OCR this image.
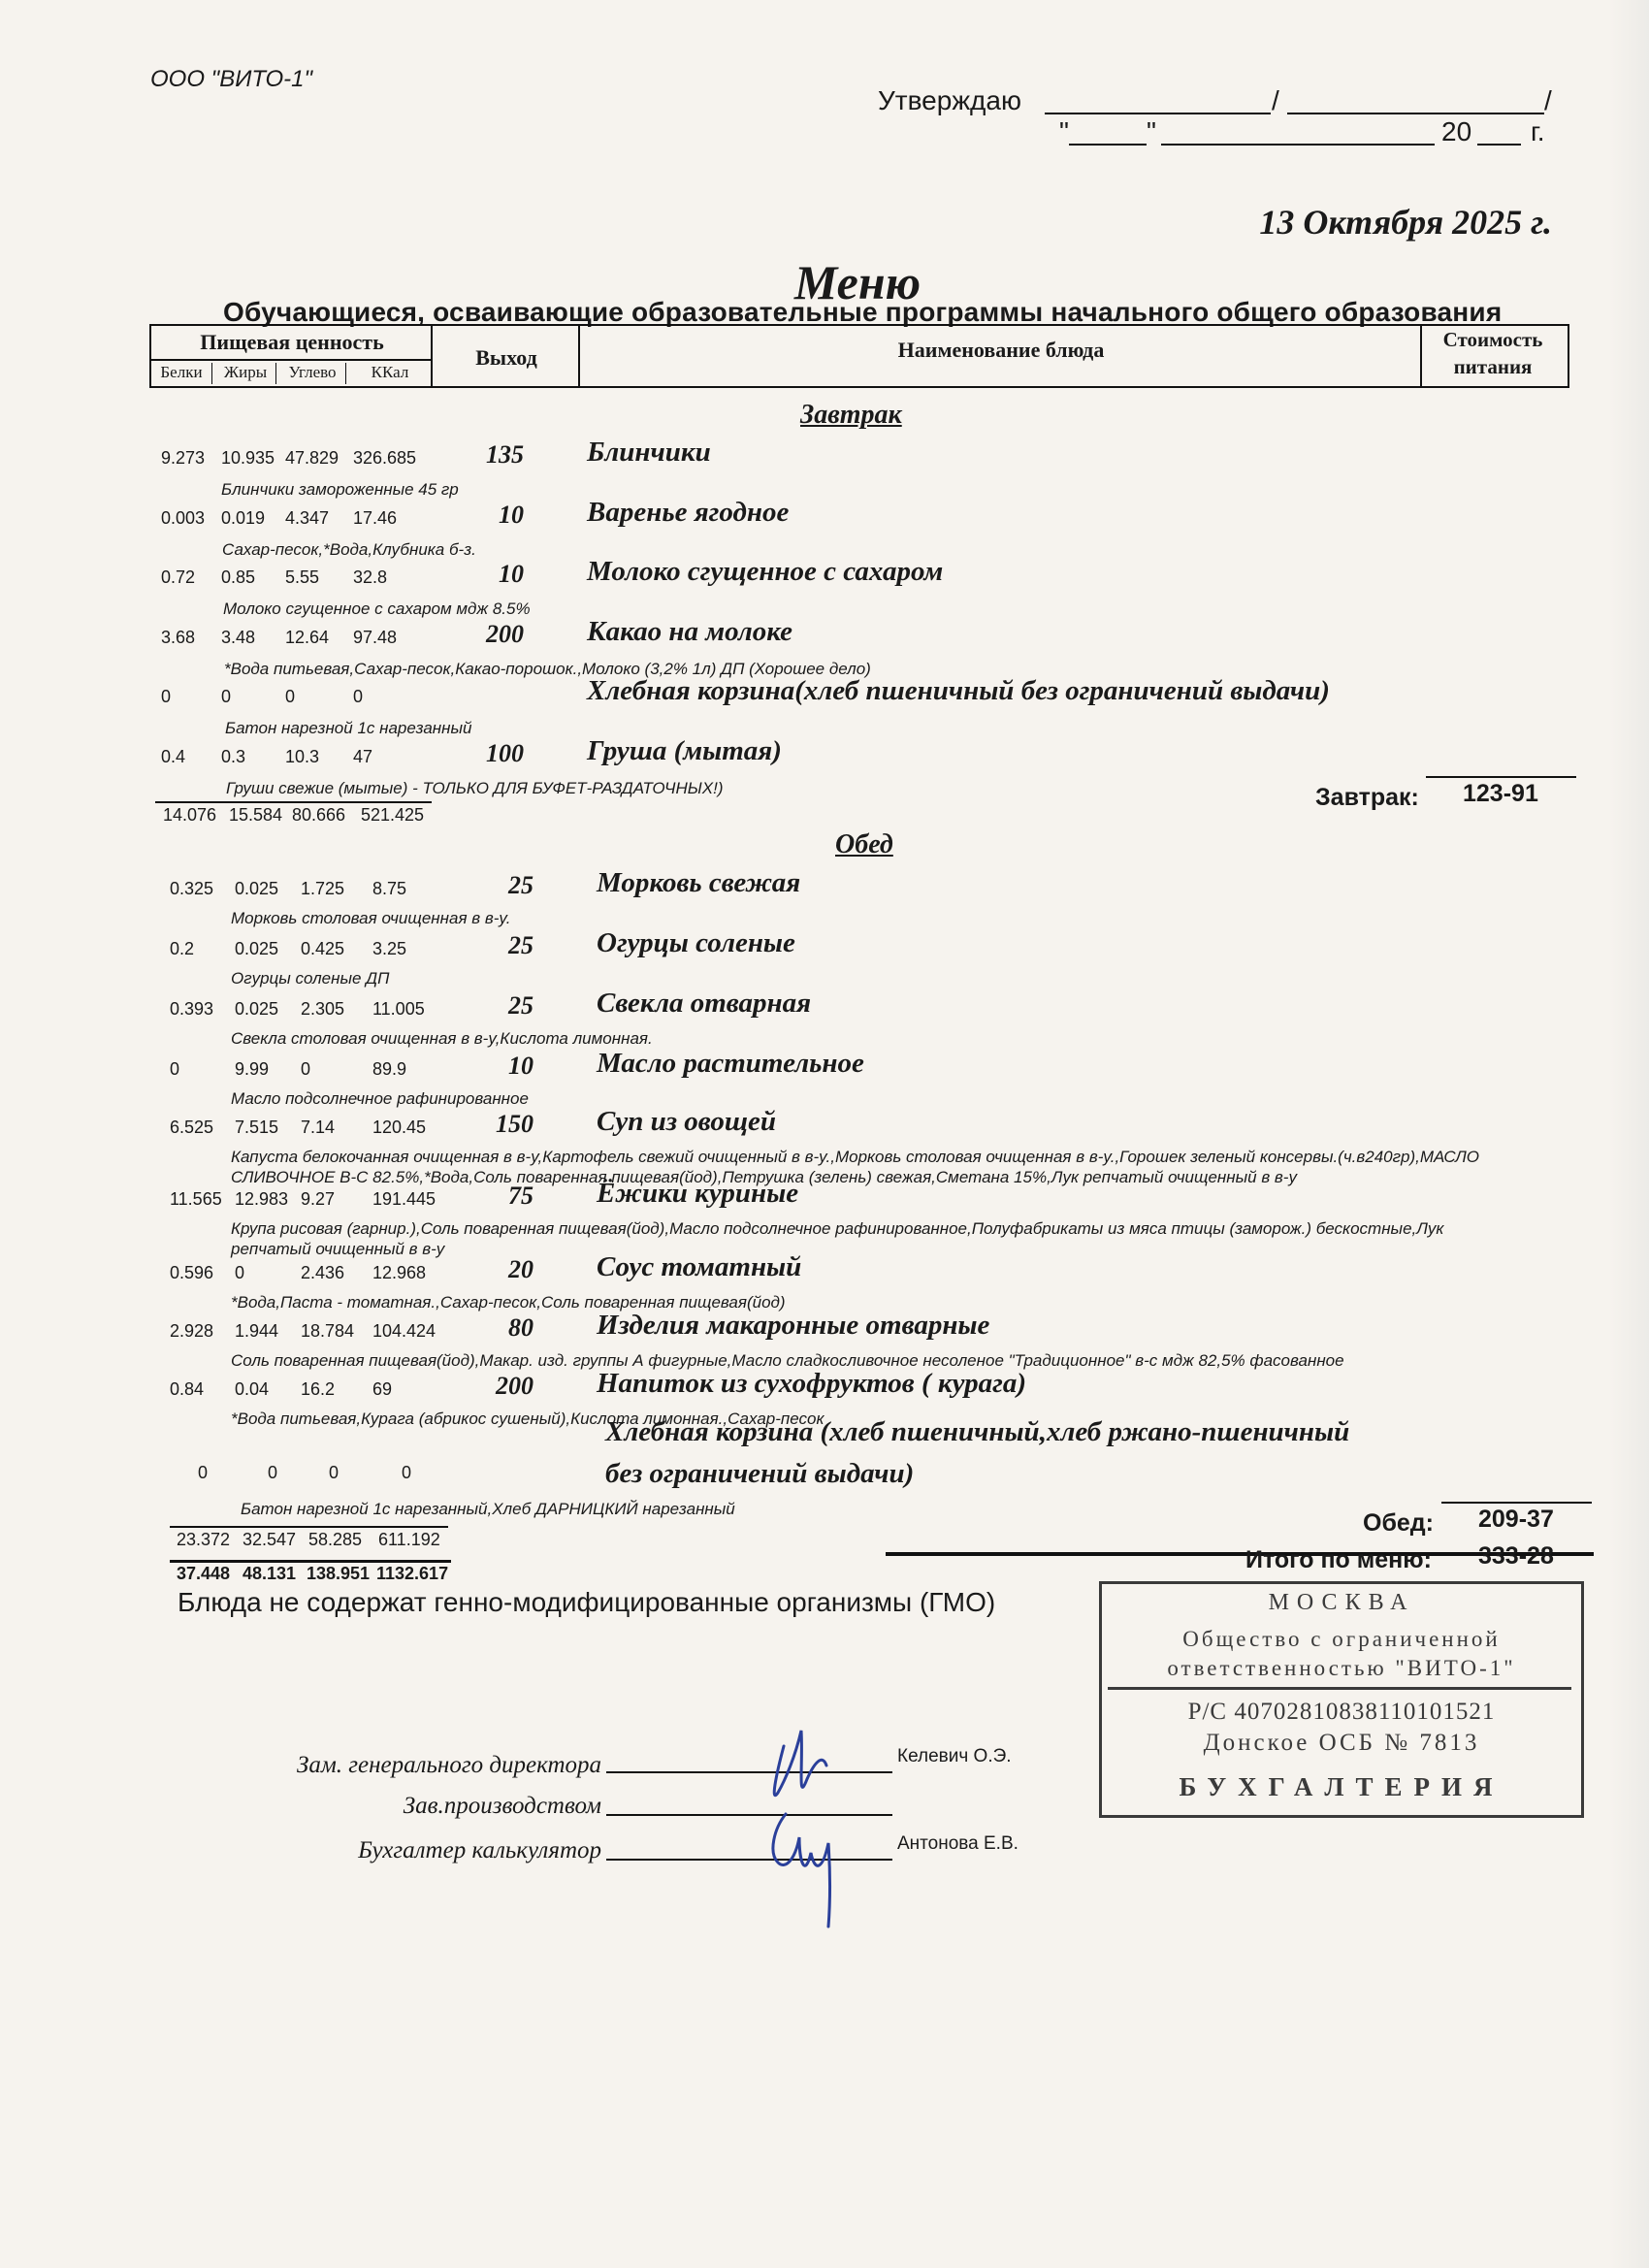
ООО "ВИТО-1"
Утверждаю	/	/
"	"	20 г.
13 Октября 2025 г.
Меню
Обучающиеся, осваивающие образовательные программы начального общего образования
Пищевая ценность
Белки	Жиры	Углево	ККал
Выход	Наименование блюда	Стоимость
питания
Завтрак
9.273 10.935 47.829 326.685	135 Блинчики
Блинчики замороженные 45 гр
0.003 0.019 4.347 17.46	10 Варенье ягодное
Сахар-песок,*Вода,Клубника б-з.
0.72 0.85 5.55 32.8	10 Молоко сгущенное с сахаром
Молоко сгущенное с сахаром мдж 8.5%
3.68 3.48 12.64 97.48	200 Какао на молоке
*Вода питьевая,Сахар-песок,Какао-порошок.,Молоко (3,2% 1л) ДП (Хорошее дело)
0	0	0	0	Хлебная корзина(хлеб пшеничный без ограничений выдачи)
Батон нарезной 1с нарезанный
0.4 0.3 10.3 47	100 Груша (мытая)
Груши свежие (мытые) - ТОЛЬКО ДЛЯ БУФЕТ-РАЗДАТОЧНЫХ!)
14.076 15.584 80.666 521.425
Завтрак: 123-91
Обед
0.325 0.025 1.725 8.75	25 Морковь свежая
Морковь столовая очищенная в в-у.
0.2 0.025 0.425 3.25	25 Огурцы соленые
Огурцы соленые ДП
0.393 0.025 2.305 11.005	25 Свекла отварная
Свекла столовая очищенная в в-у,Кислота лимонная.
0	9.99 0	89.9	10 Масло растительное
Масло подсолнечное рафинированное
6.525 7.515 7.14 120.45	150 Суп из овощей
Капуста белокочанная очищенная в в-у,Картофель свежий очищенный в в-у.,Морковь столовая очищенная в в-у.,Горошек зеленый консервы.(ч.в240гр),МАСЛО
СЛИВОЧНОЕ В-С 82.5%,*Вода,Соль поваренная пищевая(йод),Петрушка (зелень) свежая,Сметана 15%,Лук репчатый очищенный в в-у
11.565 12.983 9.27 191.445	75 Ёжики куриные
Крупа рисовая (гарнир.),Соль поваренная пищевая(йод),Масло подсолнечное рафинированное,Полуфабрикаты из мяса птицы (заморож.) бескостные,Лук
репчатый очищенный в в-у
0.596 0	2.436 12.968	20 Соус томатный
*Вода,Паста - томатная.,Сахар-песок,Соль поваренная пищевая(йод)
2.928 1.944 18.784 104.424	80 Изделия макаронные отварные
Соль поваренная пищевая(йод),Макар. изд. группы А фигурные,Масло сладкосливочное несоленое "Традиционное" в-с мдж 82,5% фасованное
0.84 0.04 16.2 69	200 Напиток из сухофруктов ( курага)
*Вода питьевая,Курага (абрикос сушеный),Кислота лимонная.,Сахар-песок
0	0	0	0
Хлебная корзина (хлеб пшеничный,хлеб ржано-пшеничный
без ограничений выдачи)
Батон нарезной 1с нарезанный,Хлеб ДАРНИЦКИЙ нарезанный
23.372 32.547 58.285 611.192
Обед: 209-37
37.448 48.131 138.951 1132.617	Итого по меню: 333-28
Блюда не содержат генно-модифицированные организмы (ГМО)
Зам. генерального директора	Келевич О.Э.
Зав.производством
Бухгалтер калькулятор	Антонова Е.В.
МОСКВА
Общество с ограниченной
ответственностью "ВИТО-1"
Р/С 40702810838110101521
Донское ОСБ № 7813
БУХГАЛТЕРИЯ
